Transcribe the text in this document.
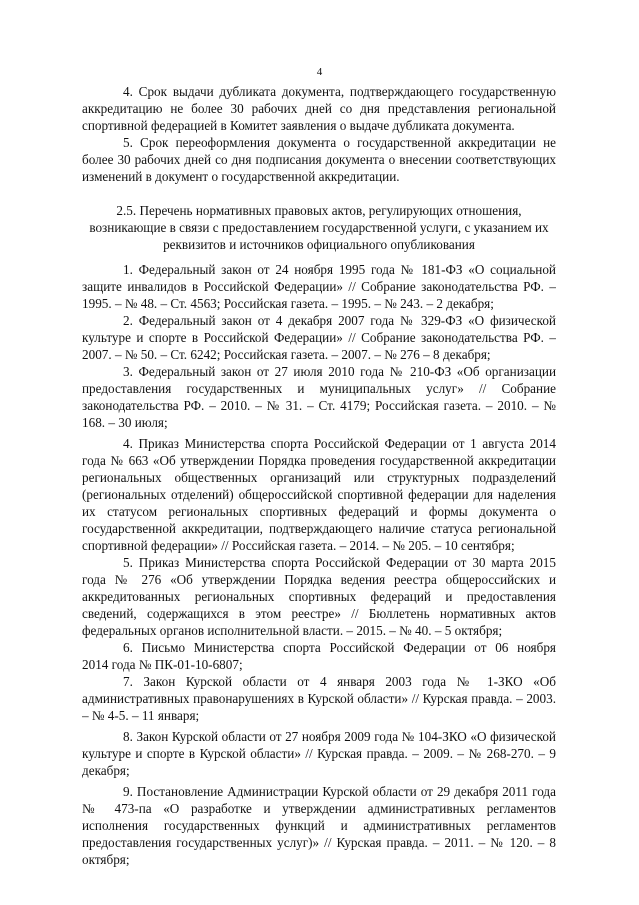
4
4. Срок выдачи дубликата документа, подтверждающего государственную
аккредитацию не более 30 рабочих дней со дня представления региональной
спортивной федерацией в Комитет заявления о выдаче дубликата документа.
5. Срок переоформления документа о государственной аккредитации не
более 30 рабочих дней со дня подписания документа о внесении соответствующих
изменений в документ о государственной аккредитации.
2.5. Перечень нормативных правовых актов, регулирующих отношения,
возникающие в связи с предоставлением государственной услуги, с указанием их
реквизитов и источников официального опубликования
1. Федеральный закон от 24 ноября 1995 года № 181-ФЗ «О социальной
защите инвалидов в Российской Федерации» // Собрание законодательства РФ. –
1995. – № 48. – Ст. 4563; Российская газета. – 1995. – № 243. – 2 декабря;
2. Федеральный закон от 4 декабря 2007 года № 329-ФЗ «О физической
культуре и спорте в Российской Федерации» // Собрание законодательства РФ. –
2007. – № 50. – Ст. 6242; Российская газета. – 2007. – № 276 – 8 декабря;
3. Федеральный закон от 27 июля 2010 года № 210-ФЗ «Об организации
предоставления государственных и муниципальных услуг» // Собрание
законодательства РФ. – 2010. – № 31. – Ст. 4179; Российская газета. – 2010. – №
168. – 30 июля;
4. Приказ Министерства спорта Российской Федерации от 1 августа 2014
года № 663 «Об утверждении Порядка проведения государственной аккредитации
региональных общественных организаций или структурных подразделений
(региональных отделений) общероссийской спортивной федерации для наделения
их статусом региональных спортивных федераций и формы документа о
государственной аккредитации, подтверждающего наличие статуса региональной
спортивной федерации» // Российская газета. – 2014. – № 205. – 10 сентября;
5. Приказ Министерства спорта Российской Федерации от 30 марта 2015
года № 276 «Об утверждении Порядка ведения реестра общероссийских и
аккредитованных региональных спортивных федераций и предоставления
сведений, содержащихся в этом реестре» // Бюллетень нормативных актов
федеральных органов исполнительной власти. – 2015. – № 40. – 5 октября;
6. Письмо Министерства спорта Российской Федерации от 06 ноября
2014 года № ПК-01-10-6807;
7. Закон Курской области от 4 января 2003 года № 1-ЗКО «Об
административных правонарушениях в Курской области» // Курская правда. – 2003.
– № 4-5. – 11 января;
8. Закон Курской области от 27 ноября 2009 года № 104-ЗКО «О физической
культуре и спорте в Курской области» // Курская правда. – 2009. – № 268-270. – 9
декабря;
9. Постановление Администрации Курской области от 29 декабря 2011 года
№ 473-па «О разработке и утверждении административных регламентов
исполнения государственных функций и административных регламентов
предоставления государственных услуг)» // Курская правда. – 2011. – № 120. – 8
октября;
